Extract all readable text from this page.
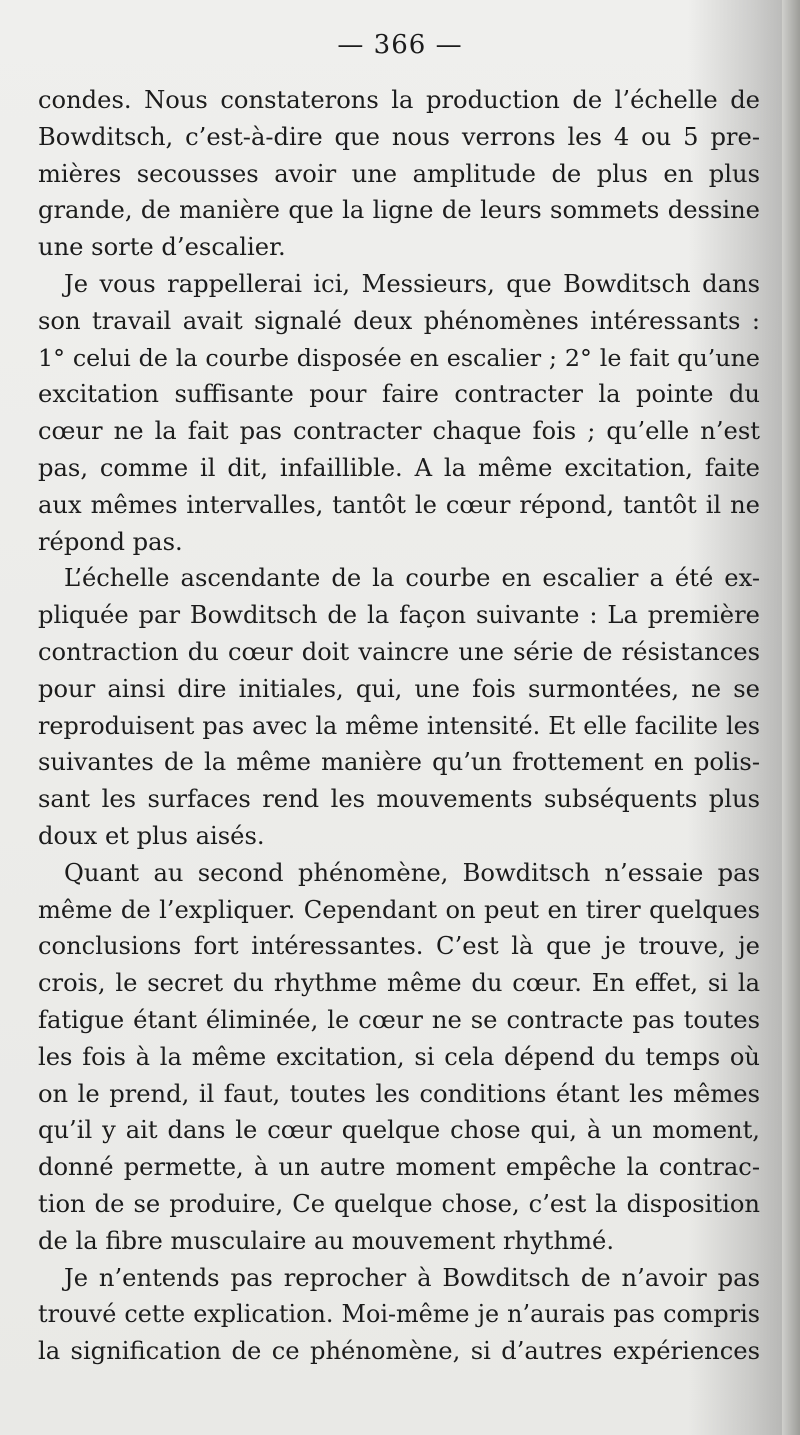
— 366 —
condes. Nous constaterons la production de l’échelle de
Bowditsch, c’est-à-dire que nous verrons les 4 ou 5 pre-
mières secousses avoir une amplitude de plus en plus
grande, de manière que la ligne de leurs sommets dessine
une sorte d’escalier.
Je vous rappellerai ici, Messieurs, que Bowditsch dans
son travail avait signalé deux phénomènes intéressants :
1° celui de la courbe disposée en escalier ; 2° le fait qu’une
excitation suffisante pour faire contracter la pointe du
cœur ne la fait pas contracter chaque fois ; qu’elle n’est
pas, comme il dit, infaillible. A la même excitation, faite
aux mêmes intervalles, tantôt le cœur répond, tantôt il ne
répond pas.
L’échelle ascendante de la courbe en escalier a été ex-
pliquée par Bowditsch de la façon suivante : La première
contraction du cœur doit vaincre une série de résistances
pour ainsi dire initiales, qui, une fois surmontées, ne se
reproduisent pas avec la même intensité. Et elle facilite les
suivantes de la même manière qu’un frottement en polis-
sant les surfaces rend les mouvements subséquents plus
doux et plus aisés.
Quant au second phénomène, Bowditsch n’essaie pas
même de l’expliquer. Cependant on peut en tirer quelques
conclusions fort intéressantes. C’est là que je trouve, je
crois, le secret du rhythme même du cœur. En effet, si la
fatigue étant éliminée, le cœur ne se contracte pas toutes
les fois à la même excitation, si cela dépend du temps où
on le prend, il faut, toutes les conditions étant les mêmes
qu’il y ait dans le cœur quelque chose qui, à un moment,
donné permette, à un autre moment empêche la contrac-
tion de se produire, Ce quelque chose, c’est la disposition
de la fibre musculaire au mouvement rhythmé.
Je n’entends pas reprocher à Bowditsch de n’avoir pas
trouvé cette explication. Moi-même je n’aurais pas compris
la signification de ce phénomène, si d’autres expériences
